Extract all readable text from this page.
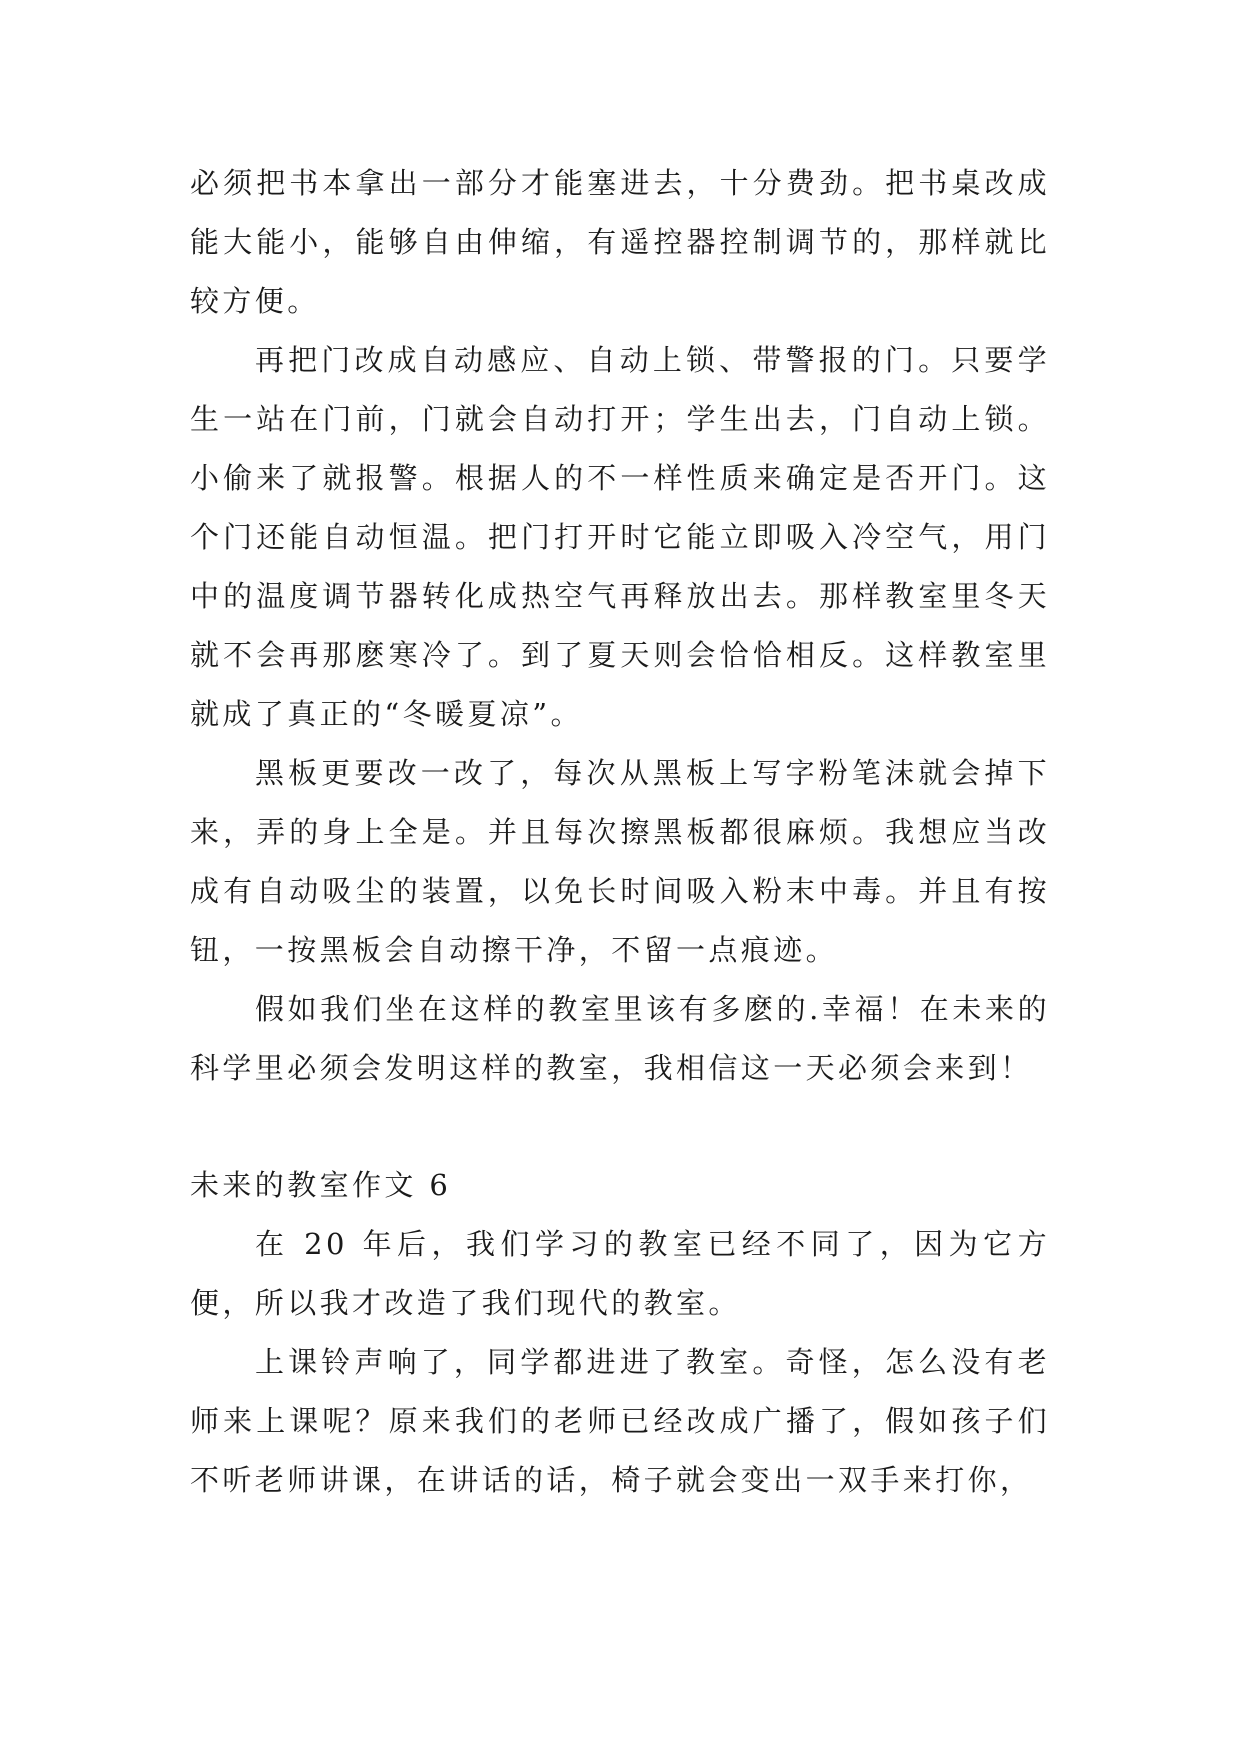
必须把书本拿出一部分才能塞进去，十分费劲。把书桌改成能大能小，能够自由伸缩，有遥控器控制调节的，那样就比较方便。

再把门改成自动感应、自动上锁、带警报的门。只要学生一站在门前，门就会自动打开；学生出去，门自动上锁。小偷来了就报警。根据人的不一样性质来确定是否开门。这个门还能自动恒温。把门打开时它能立即吸入冷空气，用门中的温度调节器转化成热空气再释放出去。那样教室里冬天就不会再那麽寒冷了。到了夏天则会恰恰相反。这样教室里就成了真正的“冬暖夏凉”。

黑板更要改一改了，每次从黑板上写字粉笔沫就会掉下来，弄的身上全是。并且每次擦黑板都很麻烦。我想应当改成有自动吸尘的装置，以免长时间吸入粉末中毒。并且有按钮，一按黑板会自动擦干净，不留一点痕迹。

假如我们坐在这样的教室里该有多麽的.幸福！在未来的科学里必须会发明这样的教室，我相信这一天必须会来到！

未来的教室作文 6

在 20 年后，我们学习的教室已经不同了，因为它方便，所以我才改造了我们现代的教室。

上课铃声响了，同学都进进了教室。奇怪，怎么没有老师来上课呢？原来我们的老师已经改成广播了，假如孩子们不听老师讲课，在讲话的话，椅子就会变出一双手来打你，
